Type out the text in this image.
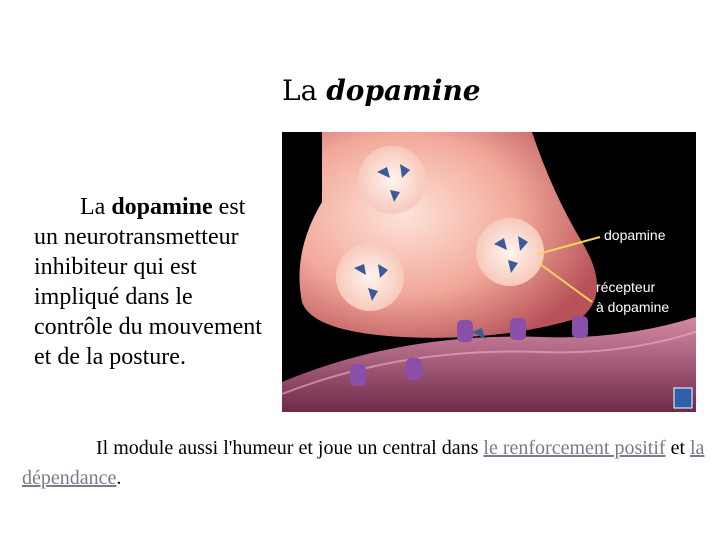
La dopamine
La dopamine est un neurotransmetteur inhibiteur qui est impliqué dans le contrôle du mouvement et de la posture.
dopamine
récepteur
à dopamine
Il module aussi l'humeur et joue un central dans le renforcement positif et la dépendance.
